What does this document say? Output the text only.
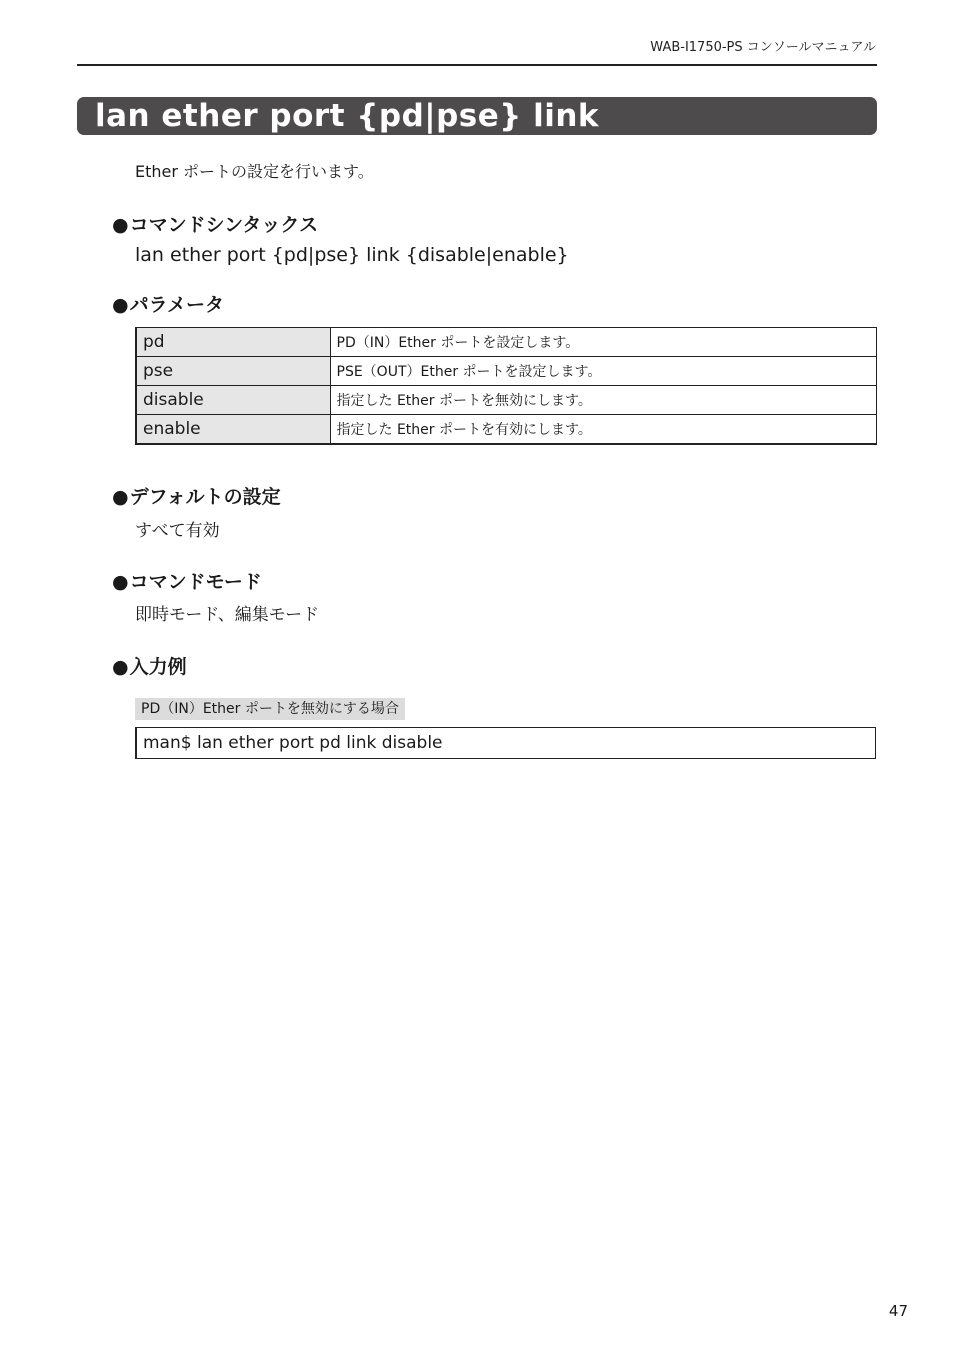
WAB-I1750-PS コンソールマニュアル
lan ether port {pd|pse} link
Ether ポートの設定を行います。
●コマンドシンタックス
lan ether port {pd|pse} link {disable|enable}
●パラメータ
pd	PD（IN）Ether ポートを設定します。
pse	PSE（OUT）Ether ポートを設定します。
disable	指定した Ether ポートを無効にします。
enable	指定した Ether ポートを有効にします。
●デフォルトの設定
すべて有効
●コマンドモード
即時モード、編集モード
●入力例
PD（IN）Ether ポートを無効にする場合
man$ lan ether port pd link disable
47
